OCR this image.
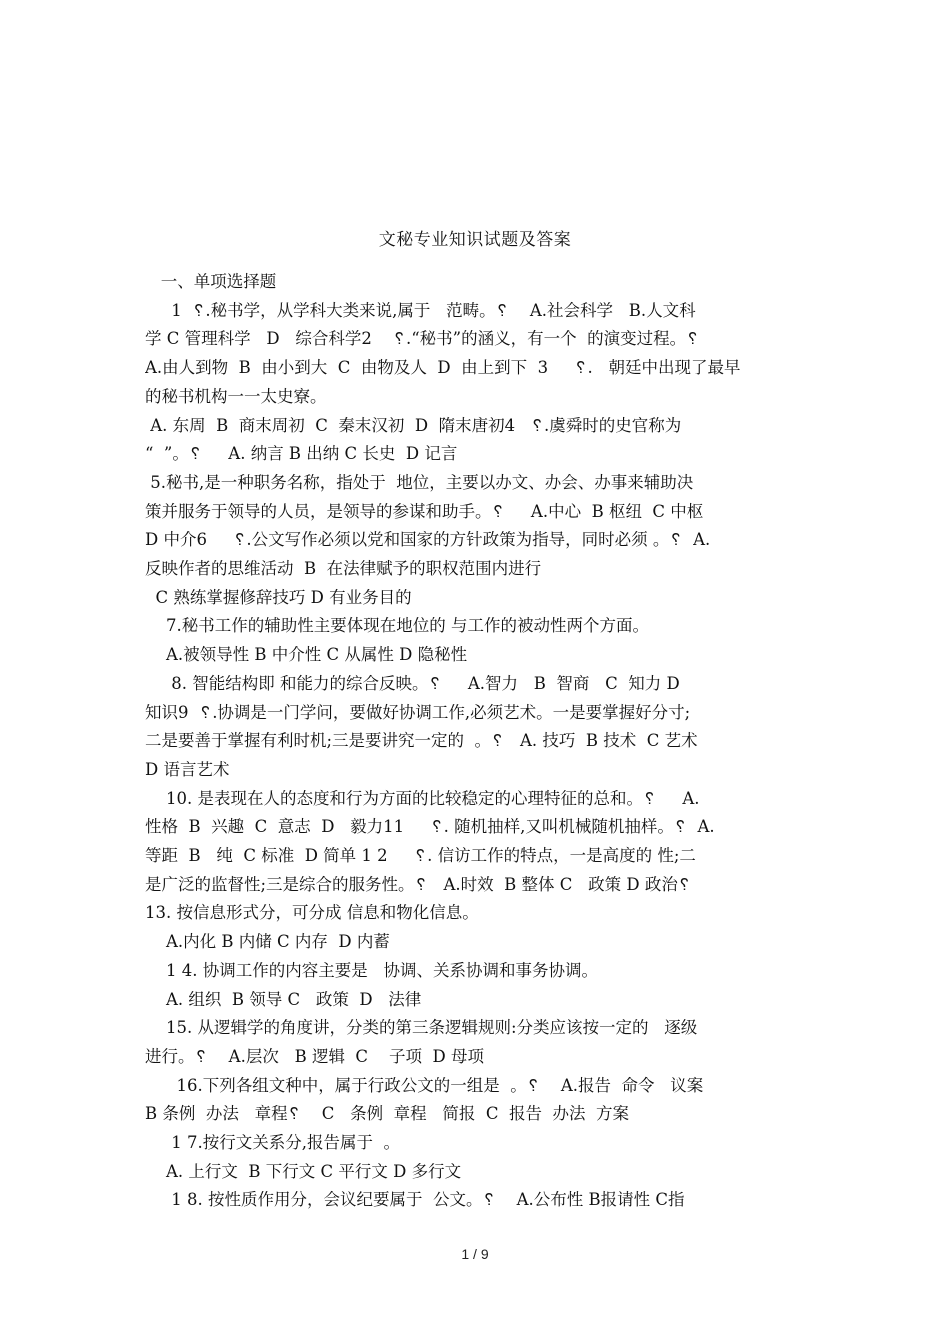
文秘专业知识试题及答案
一、单项选择题
1  ␦.秘书学，从学科大类来说,属于   范畴。␦    A.社会科学   B.人文科
学 C 管理科学   D   综合科学2    ␦.“秘书”的涵义，有一个  的演变过程。␦
A.由人到物  B  由小到大  C  由物及人  D  由上到下  3     ␦.   朝廷中出现了最早
的秘书机构一一太史寮。
A. 东周  B  商末周初  C  秦末汉初  D  隋末唐初4   ␦.虞舜时的史官称为
“  ”。␦     A. 纳言 B 出纳 C 长史  D 记言
5.秘书,是一种职务名称，指处于  地位，主要以办文、办会、办事来辅助决
策并服务于领导的人员，是领导的参谋和助手。␦     A.中心  B 枢纽  C 中枢
D 中介6     ␦.公文写作必须以党和国家的方针政策为指导，同时必须 。␦  A.
反映作者的思维活动  B  在法律赋予的职权范围内进行
C 熟练掌握修辞技巧 D 有业务目的
7.秘书工作的辅助性主要体现在地位的 与工作的被动性两个方面。
A.被领导性 B 中介性 C 从属性 D 隐秘性
8. 智能结构即 和能力的综合反映。␦     A.智力   B  智商   C  知力 D
知识9  ␦.协调是一门学问，要做好协调工作,必须艺术。一是要掌握好分寸;
二是要善于掌握有利时机;三是要讲究一定的  。␦   A. 技巧  B 技术  C 艺术
D 语言艺术
10. 是表现在人的态度和行为方面的比较稳定的心理特征的总和。␦     A.
性格  B  兴趣  C  意志  D   毅力11     ␦. 随机抽样,又叫机械随机抽样。␦  A.
等距  B   纯  C 标准  D 简单 1 2     ␦. 信访工作的特点，一是高度的 性;二
是广泛的监督性;三是综合的服务性。␦   A.时效  B 整体 C   政策 D 政治␦
13. 按信息形式分，可分成 信息和物化信息。
A.内化 B 内储 C 内存  D 内蓄
1 4. 协调工作的内容主要是   协调、关系协调和事务协调。
A. 组织  B 领导 C   政策  D   法律
15. 从逻辑学的角度讲，分类的第三条逻辑规则:分类应该按一定的   逐级
进行。␦    A.层次   B 逻辑  C    子项  D 母项
16.下列各组文种中，属于行政公文的一组是  。␦    A.报告  命令   议案
B 条例  办法   章程␦    C   条例  章程   简报  C  报告  办法  方案
1 7.按行文关系分,报告属于  。
A. 上行文  B 下行文 C 平行文 D 多行文
1 8. 按性质作用分，会议纪要属于  公文。␦    A.公布性 B报请性 C指
1 / 9
